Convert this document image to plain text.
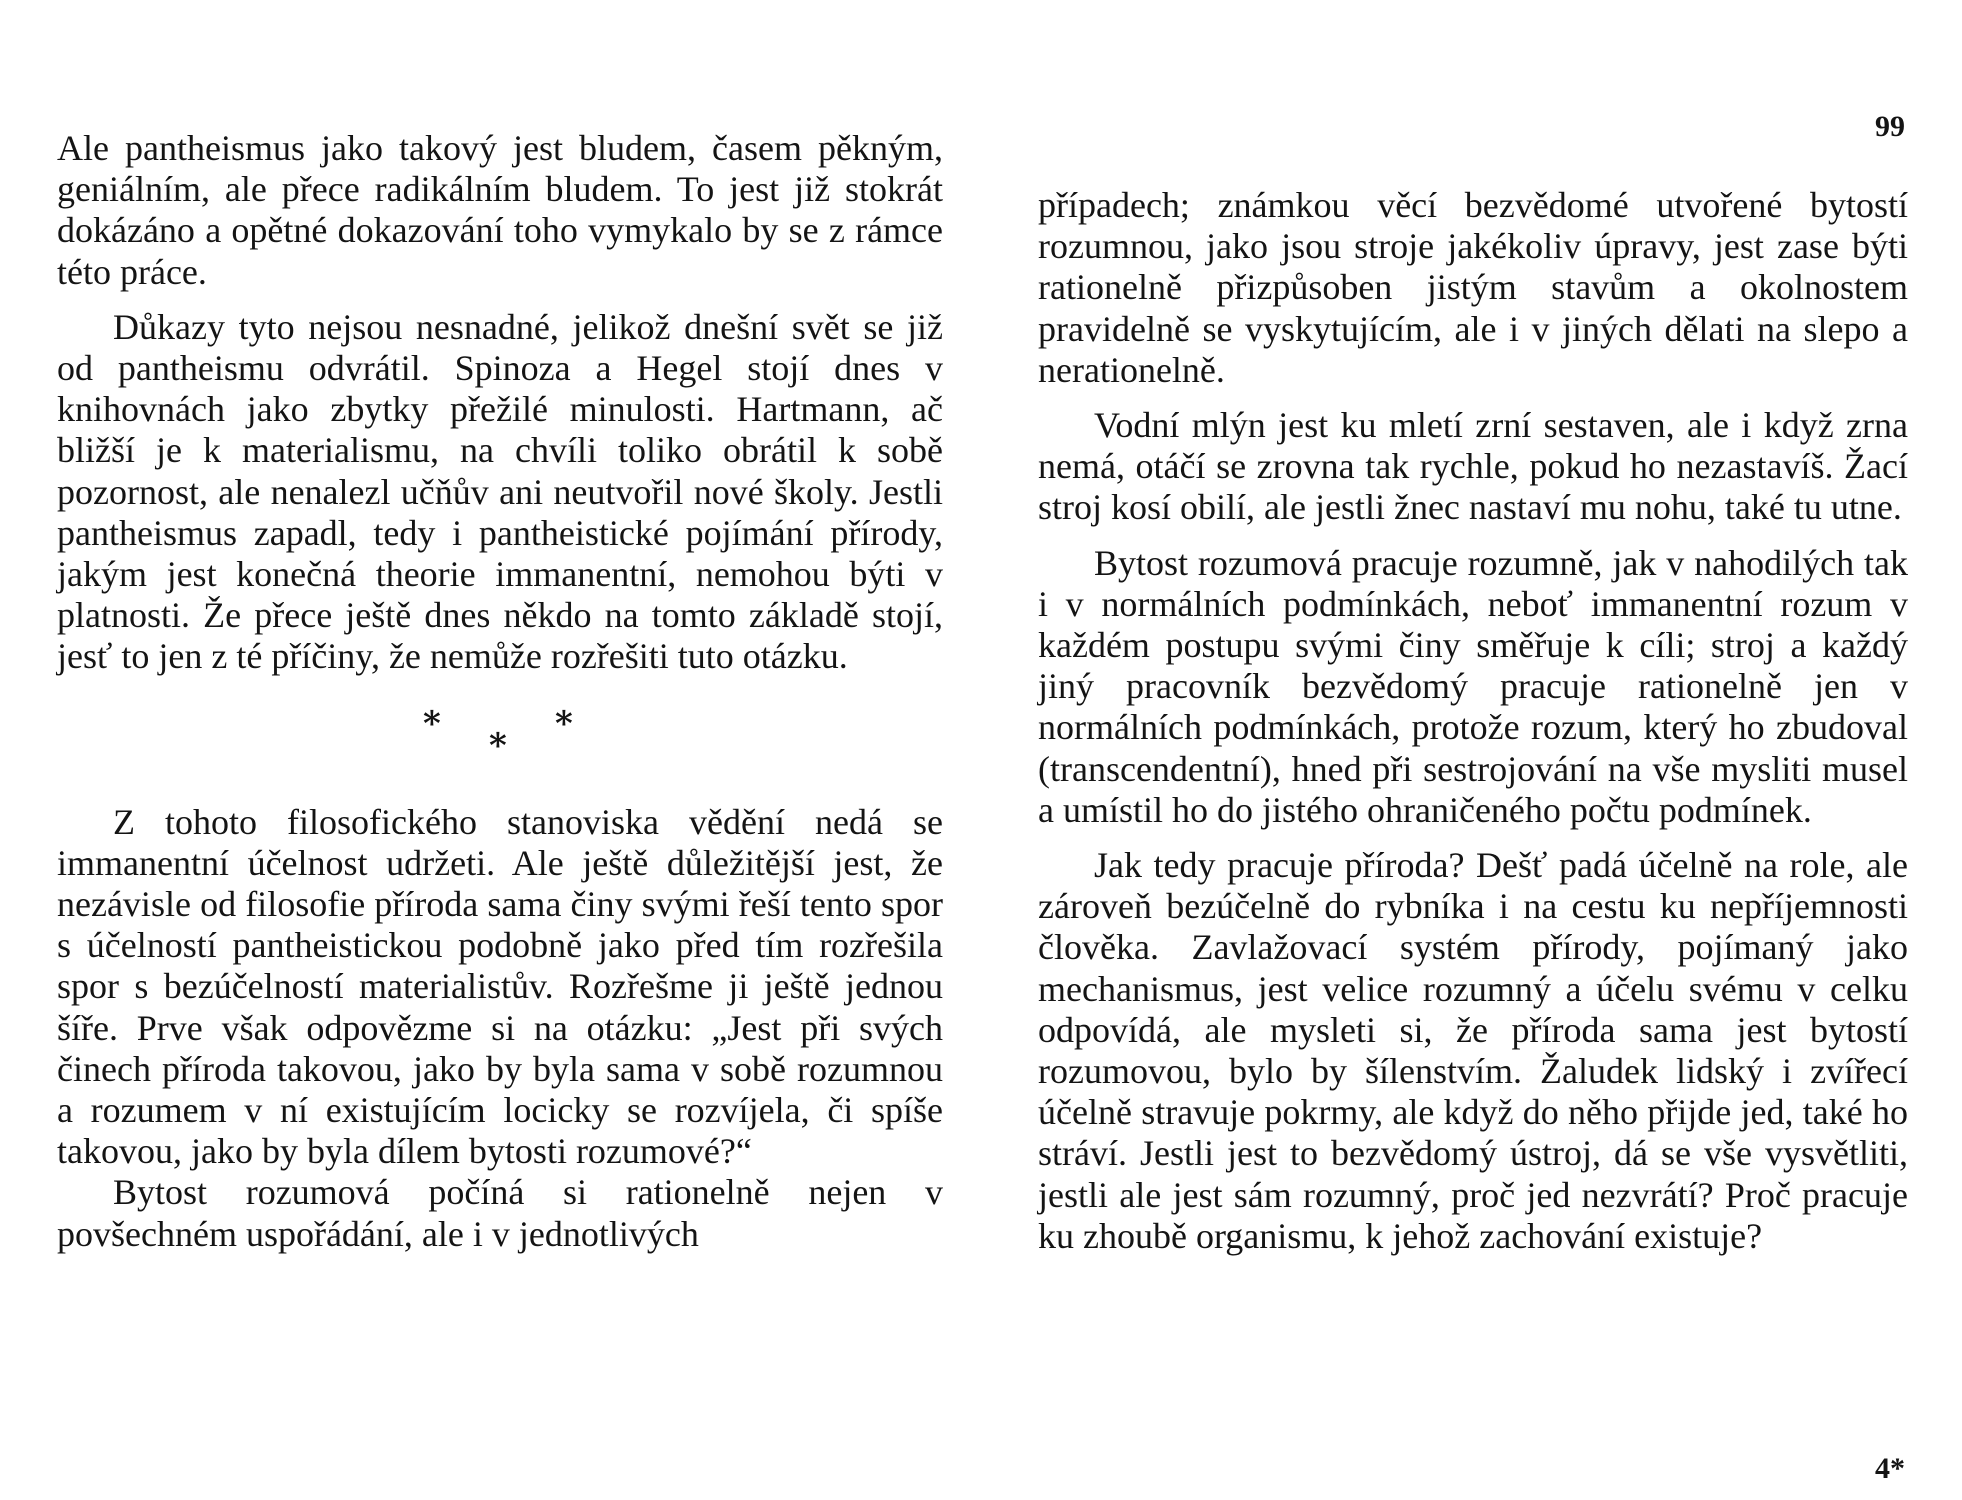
Ale pantheismus jako takový jest bludem, časem pěkným, geniálním, ale přece radikálním bludem. To jest již stokrát dokázáno a opětné dokazování toho vymykalo by se z rámce této práce.

Důkazy tyto nejsou nesnadné, jelikož dnešní svět se již od pantheismu odvrátil. Spinoza a Hegel stojí dnes v knihovnách jako zbytky přežilé minulosti. Hartmann, ač bližší je k materialismu, na chvíli toliko obrátil k sobě pozornost, ale nenalezl učňův ani neutvořil nové školy. Jestli pantheismus zapadl, tedy i pantheistické pojímání přírody, jakým jest konečná theorie immanentní, nemohou býti v platnosti. Že přece ještě dnes někdo na tomto základě stojí, jesť to jen z té příčiny, že nemůže rozřešiti tuto otázku.

*
*
*

Z tohoto filosofického stanoviska vědění nedá se immanentní účelnost udržeti. Ale ještě důležitější jest, že nezávisle od filosofie příroda sama činy svými řeší tento spor s účelností pantheistickou podobně jako před tím rozřešila spor s bezúčelností materialistův. Rozřešme ji ještě jednou šíře. Prve však odpovězme si na otázku: „Jest při svých činech příroda takovou, jako by byla sama v sobě rozumnou a rozumem v ní existujícím locicky se rozvíjela, či spíše takovou, jako by byla dílem bytosti rozumové?“

Bytost rozumová počíná si rationelně nejen v povšechném uspořádání, ale i v jednotlivých

99

případech; známkou věcí bezvědomé utvořené bytostí rozumnou, jako jsou stroje jakékoliv úpravy, jest zase býti rationelně přizpůsoben jistým stavům a okolnostem pravidelně se vyskytujícím, ale i v jiných dělati na slepo a nerationelně.

Vodní mlýn jest ku mletí zrní sestaven, ale i když zrna nemá, otáčí se zrovna tak rychle, pokud ho nezastavíš. Žací stroj kosí obilí, ale jestli žnec nastaví mu nohu, také tu utne.

Bytost rozumová pracuje rozumně, jak v nahodilých tak i v normálních podmínkách, neboť immanentní rozum v každém postupu svými činy směřuje k cíli; stroj a každý jiný pracovník bezvědomý pracuje rationelně jen v normálních podmínkách, protože rozum, který ho zbudoval (transcendentní), hned při sestrojování na vše mysliti musel a umístil ho do jistého ohraničeného počtu podmínek.

Jak tedy pracuje příroda? Dešť padá účelně na role, ale zároveň bezúčelně do rybníka i na cestu ku nepříjemnosti člověka. Zavlažovací systém přírody, pojímaný jako mechanismus, jest velice rozumný a účelu svému v celku odpovídá, ale mysleti si, že příroda sama jest bytostí rozumovou, bylo by šílenstvím. Žaludek lidský i zvířecí účelně stravuje pokrmy, ale když do něho přijde jed, také ho stráví. Jestli jest to bezvědomý ústroj, dá se vše vysvětliti, jestli ale jest sám rozumný, proč jed nezvrátí? Proč pracuje ku zhoubě organismu, k jehož zachování existuje?

4*
